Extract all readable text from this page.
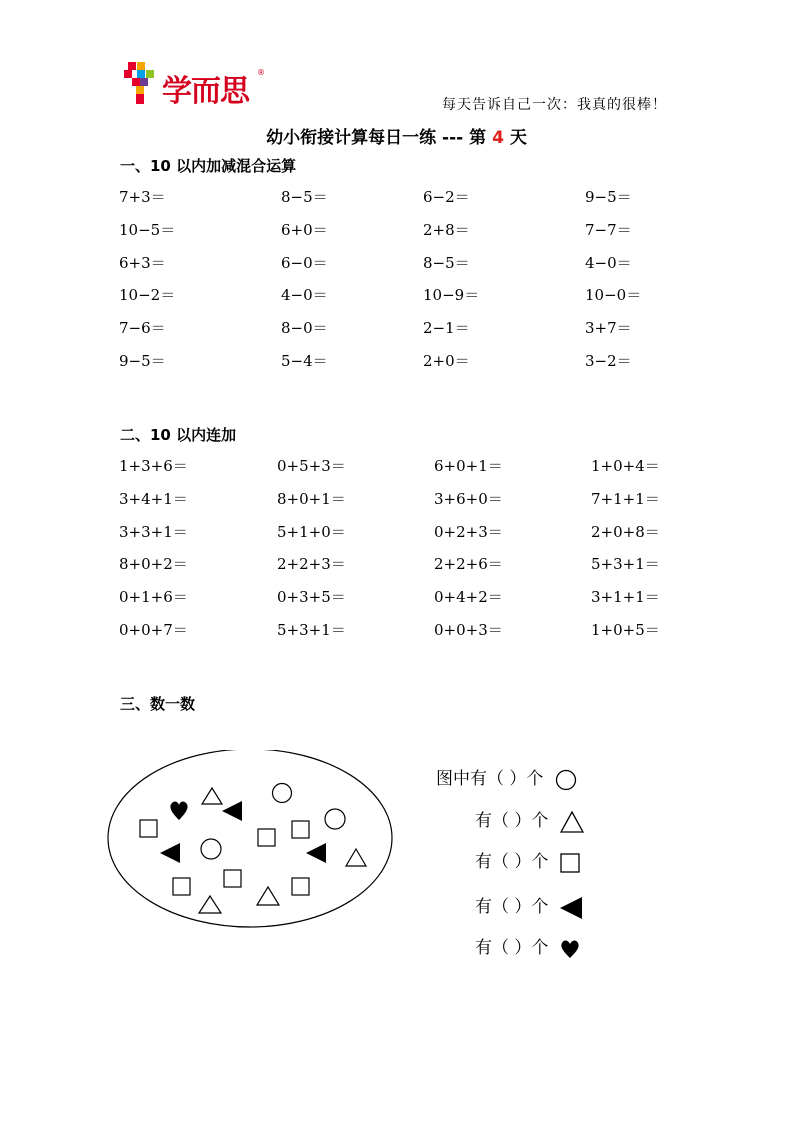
学而思
®
每天告诉自己一次：我真的很棒！
幼小衔接计算每日一练 --- 第 4 天
一、10 以内加减混合运算
7+3＝	8−5＝	6−2＝	9−5＝
10−5＝	6+0＝	2+8＝	7−7＝
6+3＝	6−0＝	8−5＝	4−0＝
10−2＝	4−0＝	10−9＝	10−0＝
7−6＝	8−0＝	2−1＝	3+7＝
9−5＝	5−4＝	2+0＝	3−2＝
二、10 以内连加
1+3+6＝	0+5+3＝	6+0+1＝	1+0+4＝
3+4+1＝	8+0+1＝	3+6+0＝	7+1+1＝
3+3+1＝	5+1+0＝	0+2+3＝	2+0+8＝
8+0+2＝	2+2+3＝	2+2+6＝	5+3+1＝
0+1+6＝	0+3+5＝	0+4+2＝	3+1+1＝
0+0+7＝	5+3+1＝	0+0+3＝	1+0+5＝
三、数一数
图中有（ ）个
有（ ）个
有（ ）个
有（ ）个
有（ ）个
